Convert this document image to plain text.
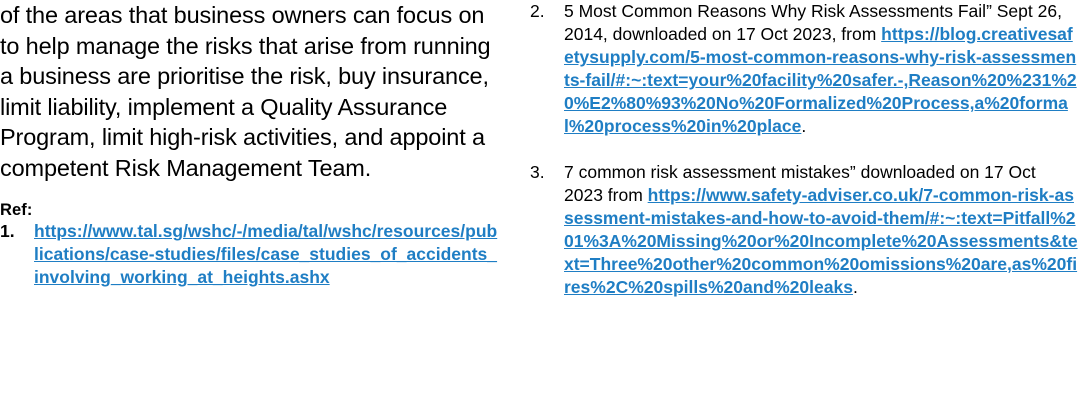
of the areas that business owners can focus on to help manage the risks that arise from running a business are prioritise the risk, buy insurance, limit liability, implement a Quality Assurance Program, limit high-risk activities, and appoint a competent Risk Management Team.

Ref:
1.	https://www.tal.sg/wshc/-/media/tal/wshc/resources/publications/case-studies/files/case_studies_of_accidents_involving_working_at_heights.ashx
2.	5 Most Common Reasons Why Risk Assessments Fail” Sept 26, 2014, downloaded on 17 Oct 2023, from https://blog.creativesafetysupply.com/5-most-common-reasons-why-risk-assessments-fail/#:~:text=your%20facility%20safer.-,Reason%20%231%20%E2%80%93%20No%20Formalized%20Process,a%20formal%20process%20in%20place.
3.	7 common risk assessment mistakes” downloaded on 17 Oct 2023 from https://www.safety-adviser.co.uk/7-common-risk-assessment-mistakes-and-how-to-avoid-them/#:~:text=Pitfall%201%3A%20Missing%20or%20Incomplete%20Assessments&text=Three%20other%20common%20omissions%20are,as%20fires%2C%20spills%20and%20leaks.
